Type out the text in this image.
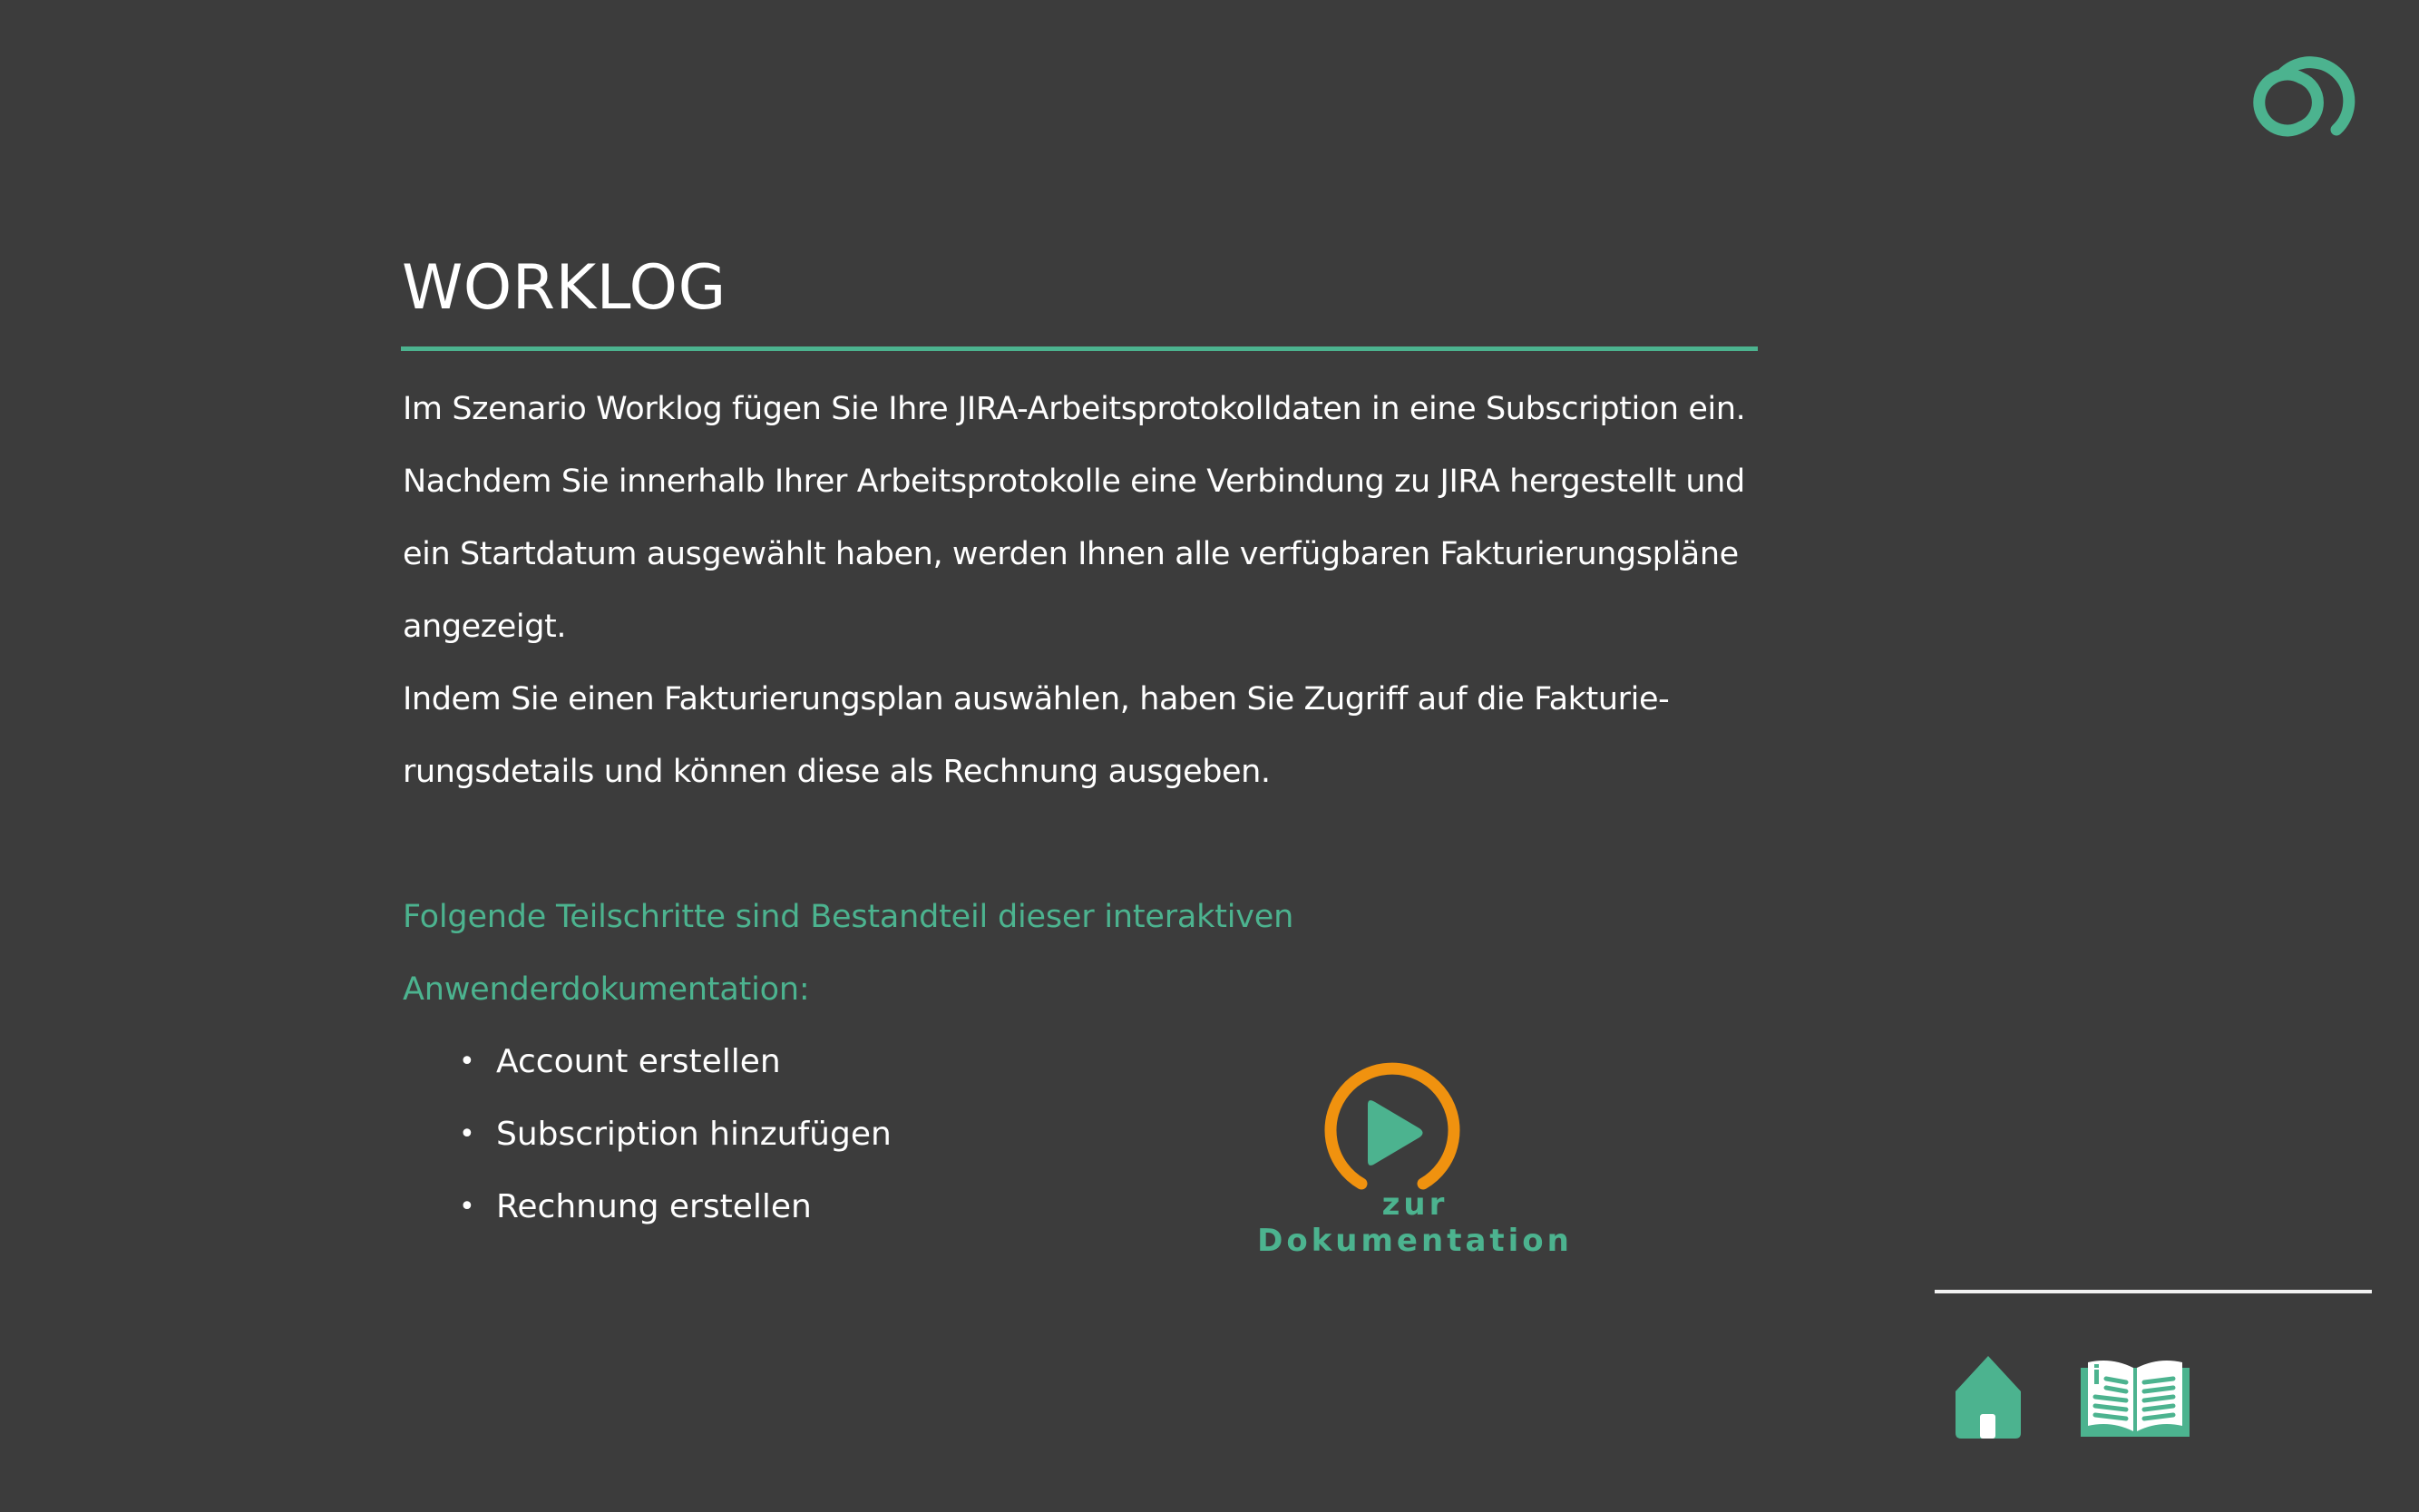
WORKLOG

Im Szenario Worklog fügen Sie Ihre JIRA-Arbeitsprotokolldaten in eine Subscription ein. Nachdem Sie innerhalb Ihrer Arbeitsprotokolle eine Verbindung zu JIRA hergestellt und ein Startdatum ausgewählt haben, werden Ihnen alle verfügbaren Fakturierungspläne angezeigt.

Indem Sie einen Fakturierungsplan auswählen, haben Sie Zugriff auf die Fakturierungsdetails und können diese als Rechnung ausgeben.

Folgende Teilschritte sind Bestandteil dieser interaktiven Anwenderdokumentation:
• Account erstellen
• Subscription hinzufügen
• Rechnung erstellen	zur Dokumentation
